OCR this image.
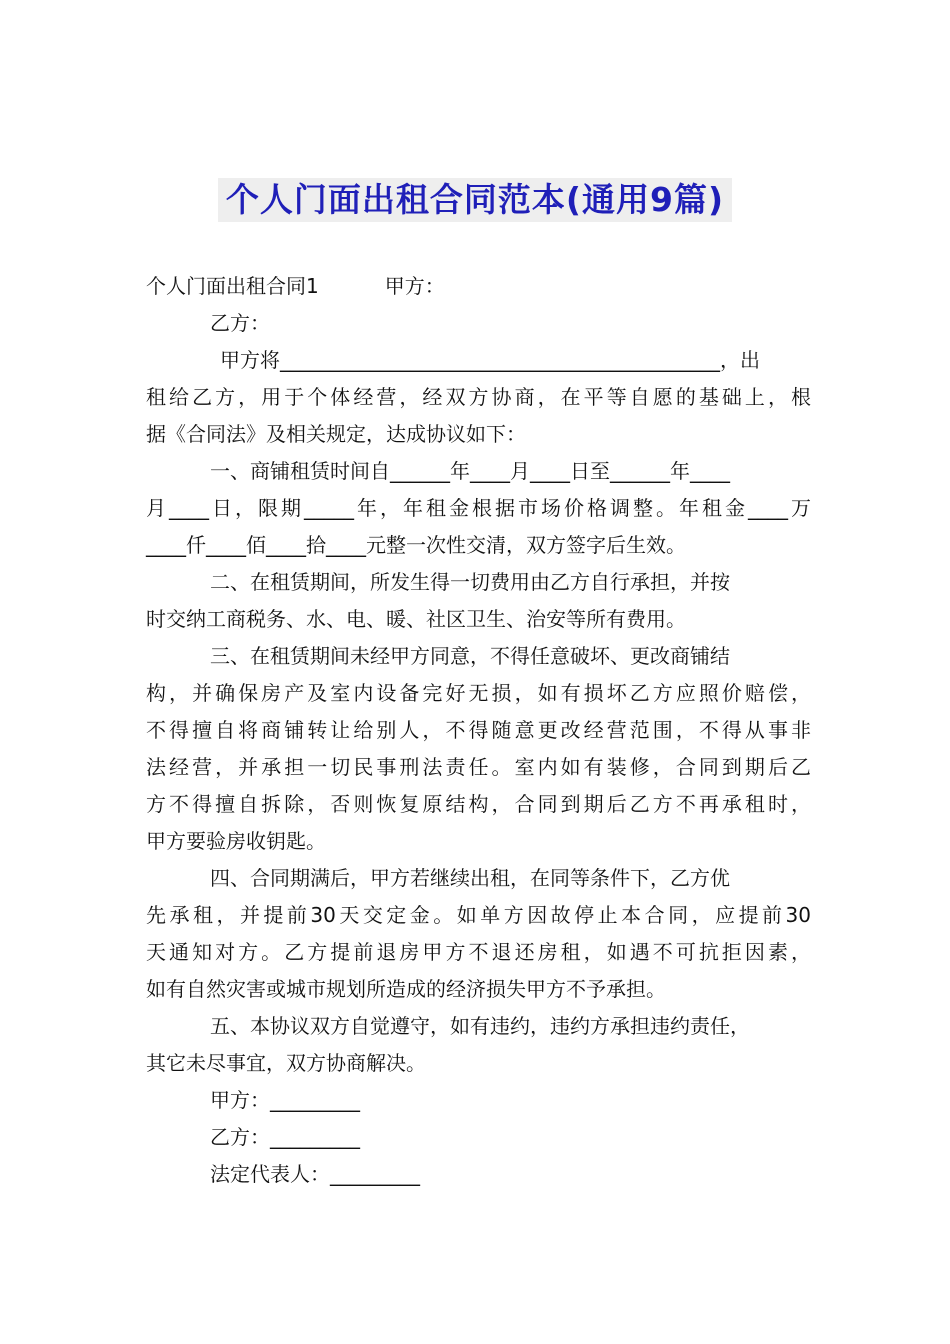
个人门面出租合同范本(通用9篇)
个人门面出租合同1	甲方：
乙方：
甲方将____________________________________________，出
租给乙方，用于个体经营，经双方协商，在平等自愿的基础上，根
据《合同法》及相关规定，达成协议如下：
一、商铺租赁时间自______年____月____日至______年____
月____日，限期_____年，年租金根据市场价格调整。年租金____万
____仟____佰____拾____元整一次性交清，双方签字后生效。
二、在租赁期间，所发生得一切费用由乙方自行承担，并按
时交纳工商税务、水、电、暖、社区卫生、治安等所有费用。
三、在租赁期间未经甲方同意，不得任意破坏、更改商铺结
构，并确保房产及室内设备完好无损，如有损坏乙方应照价赔偿，
不得擅自将商铺转让给别人，不得随意更改经营范围，不得从事非
法经营，并承担一切民事刑法责任。室内如有装修，合同到期后乙
方不得擅自拆除，否则恢复原结构，合同到期后乙方不再承租时，
甲方要验房收钥匙。
四、合同期满后，甲方若继续出租，在同等条件下，乙方优
先承租，并提前30天交定金。如单方因故停止本合同，应提前30
天通知对方。乙方提前退房甲方不退还房租，如遇不可抗拒因素，
如有自然灾害或城市规划所造成的经济损失甲方不予承担。
五、本协议双方自觉遵守，如有违约，违约方承担违约责任，
其它未尽事宜，双方协商解决。
甲方：_________
乙方：_________
法定代表人：_________
